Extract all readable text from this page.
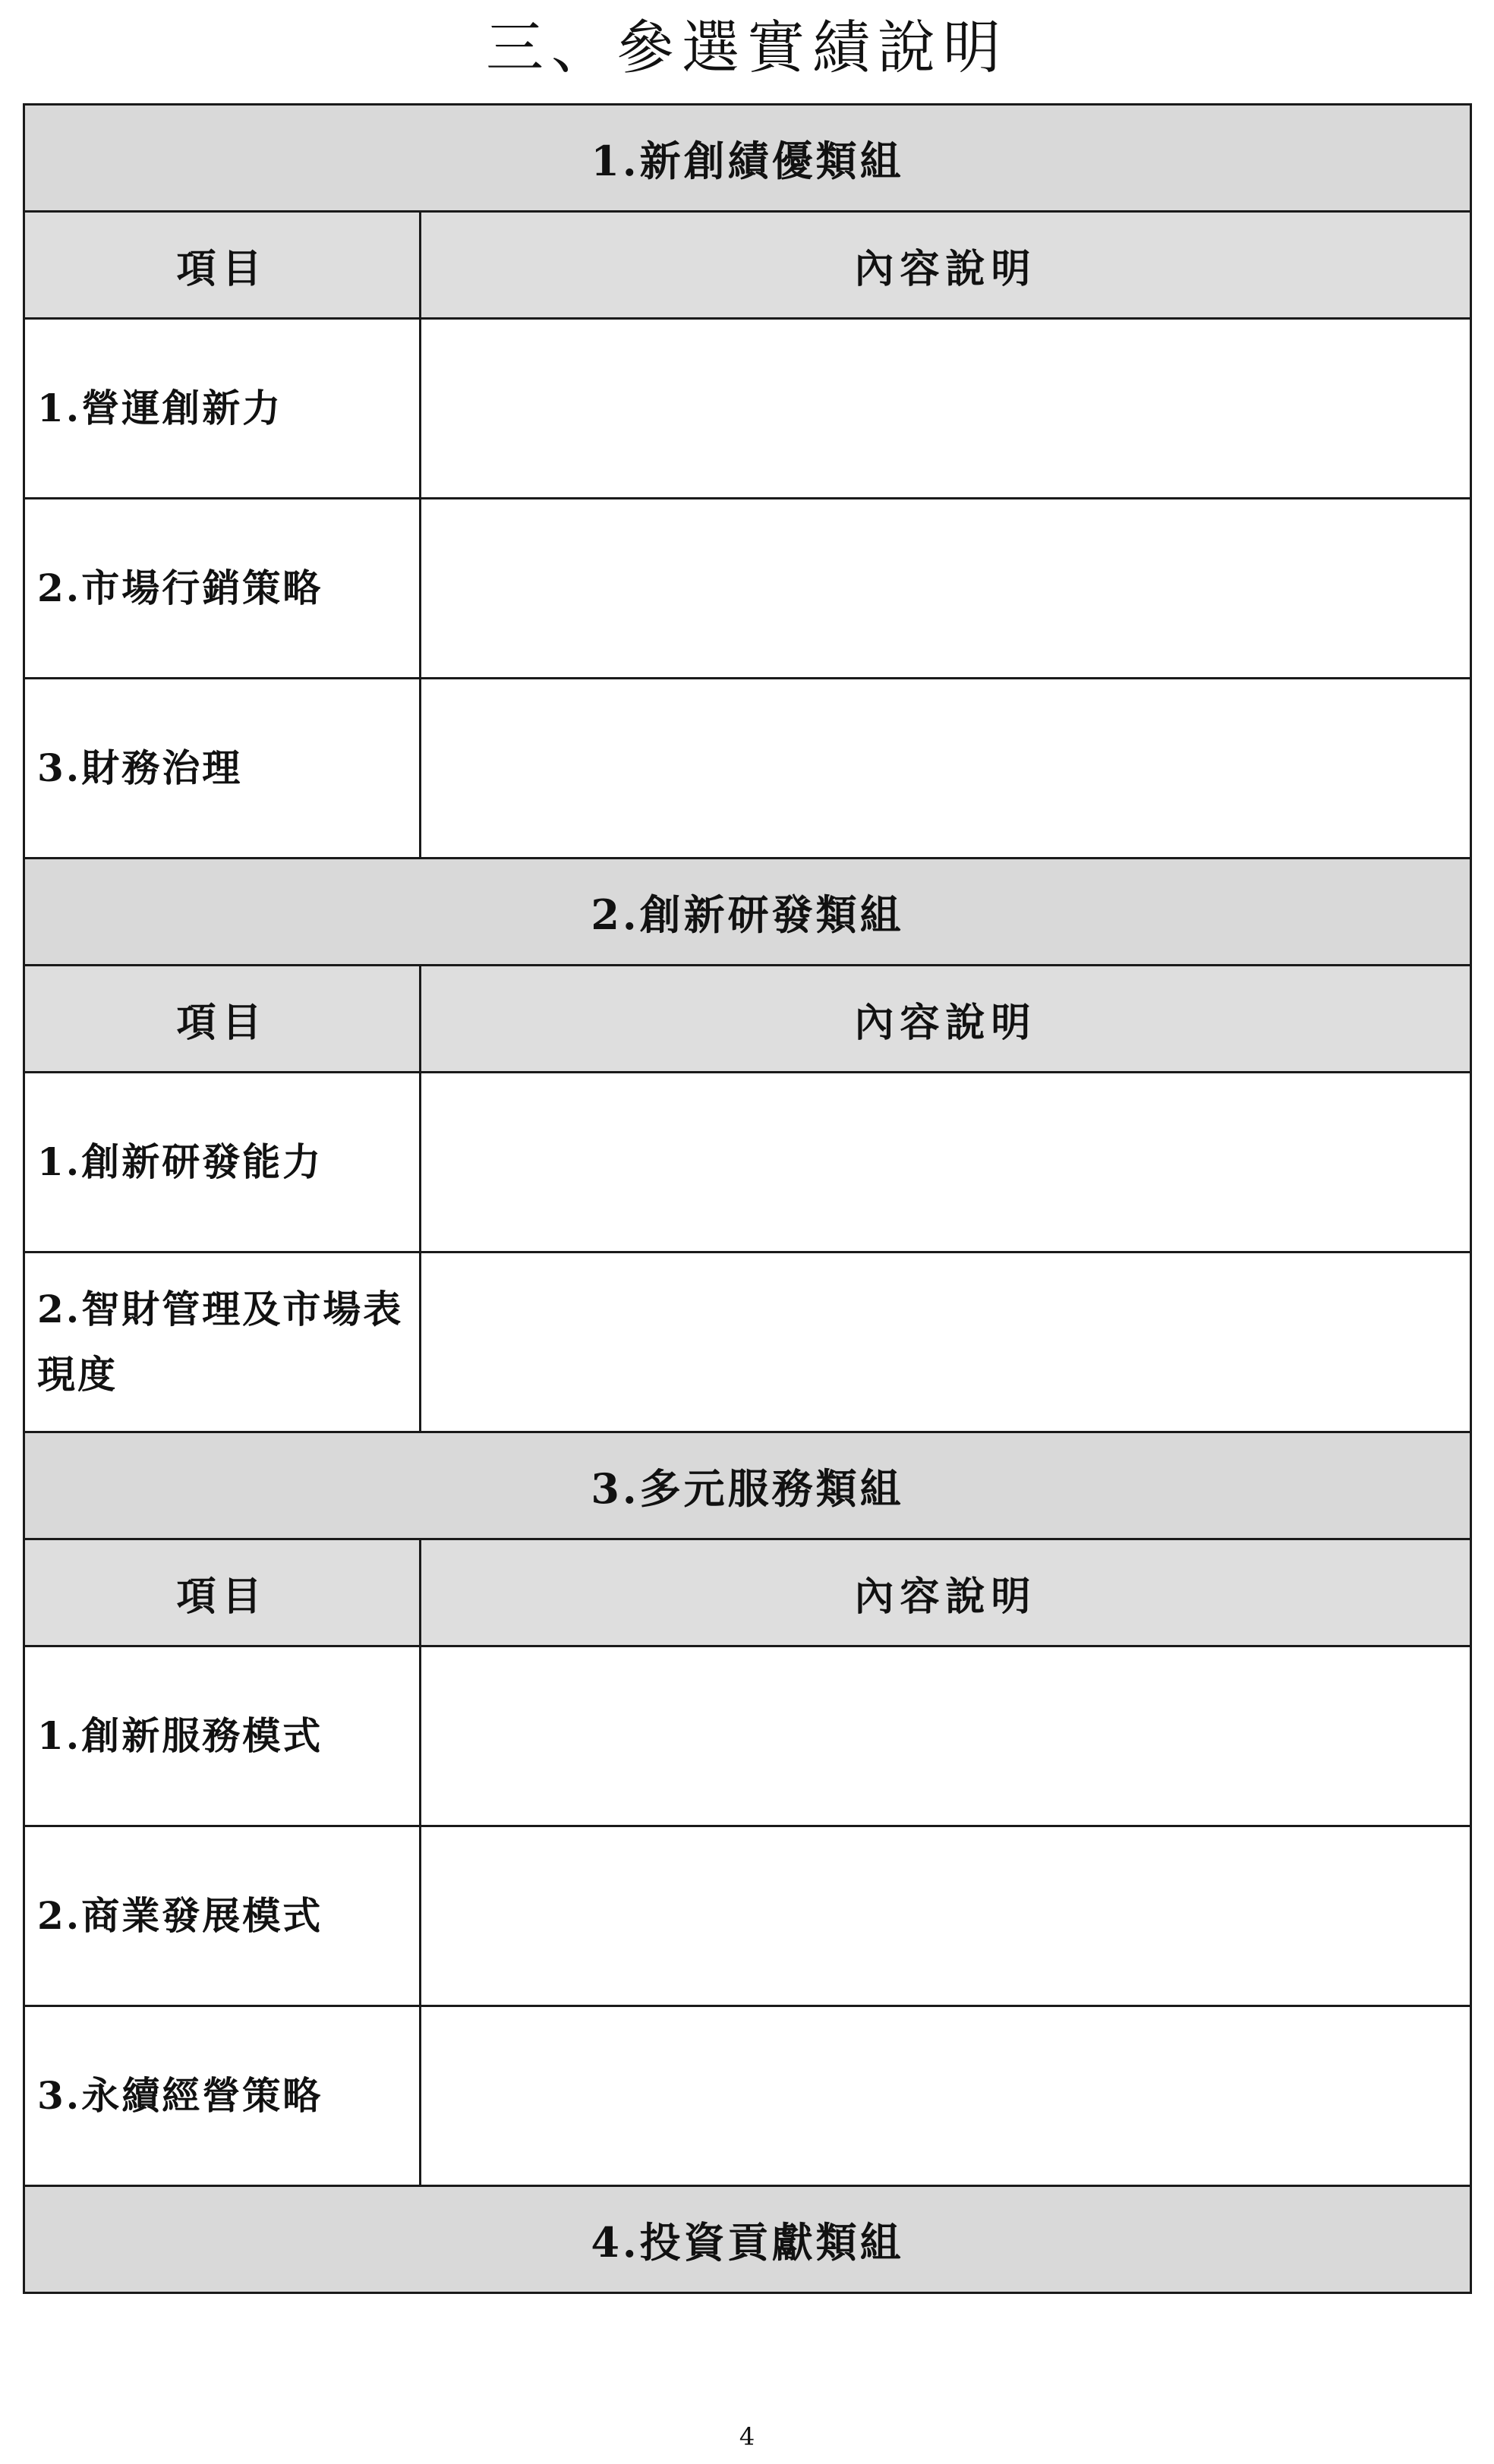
三、參選實績說明
1.新創績優類組	
項目	內容說明
1.營運創新力	
2.市場行銷策略	
3.財務治理	
2.創新研發類組	
項目	內容說明
1.創新研發能力	
2.智財管理及市場表現度	
3.多元服務類組	
項目	內容說明
1.創新服務模式	
2.商業發展模式	
3.永續經營策略	
4.投資貢獻類組	
4
